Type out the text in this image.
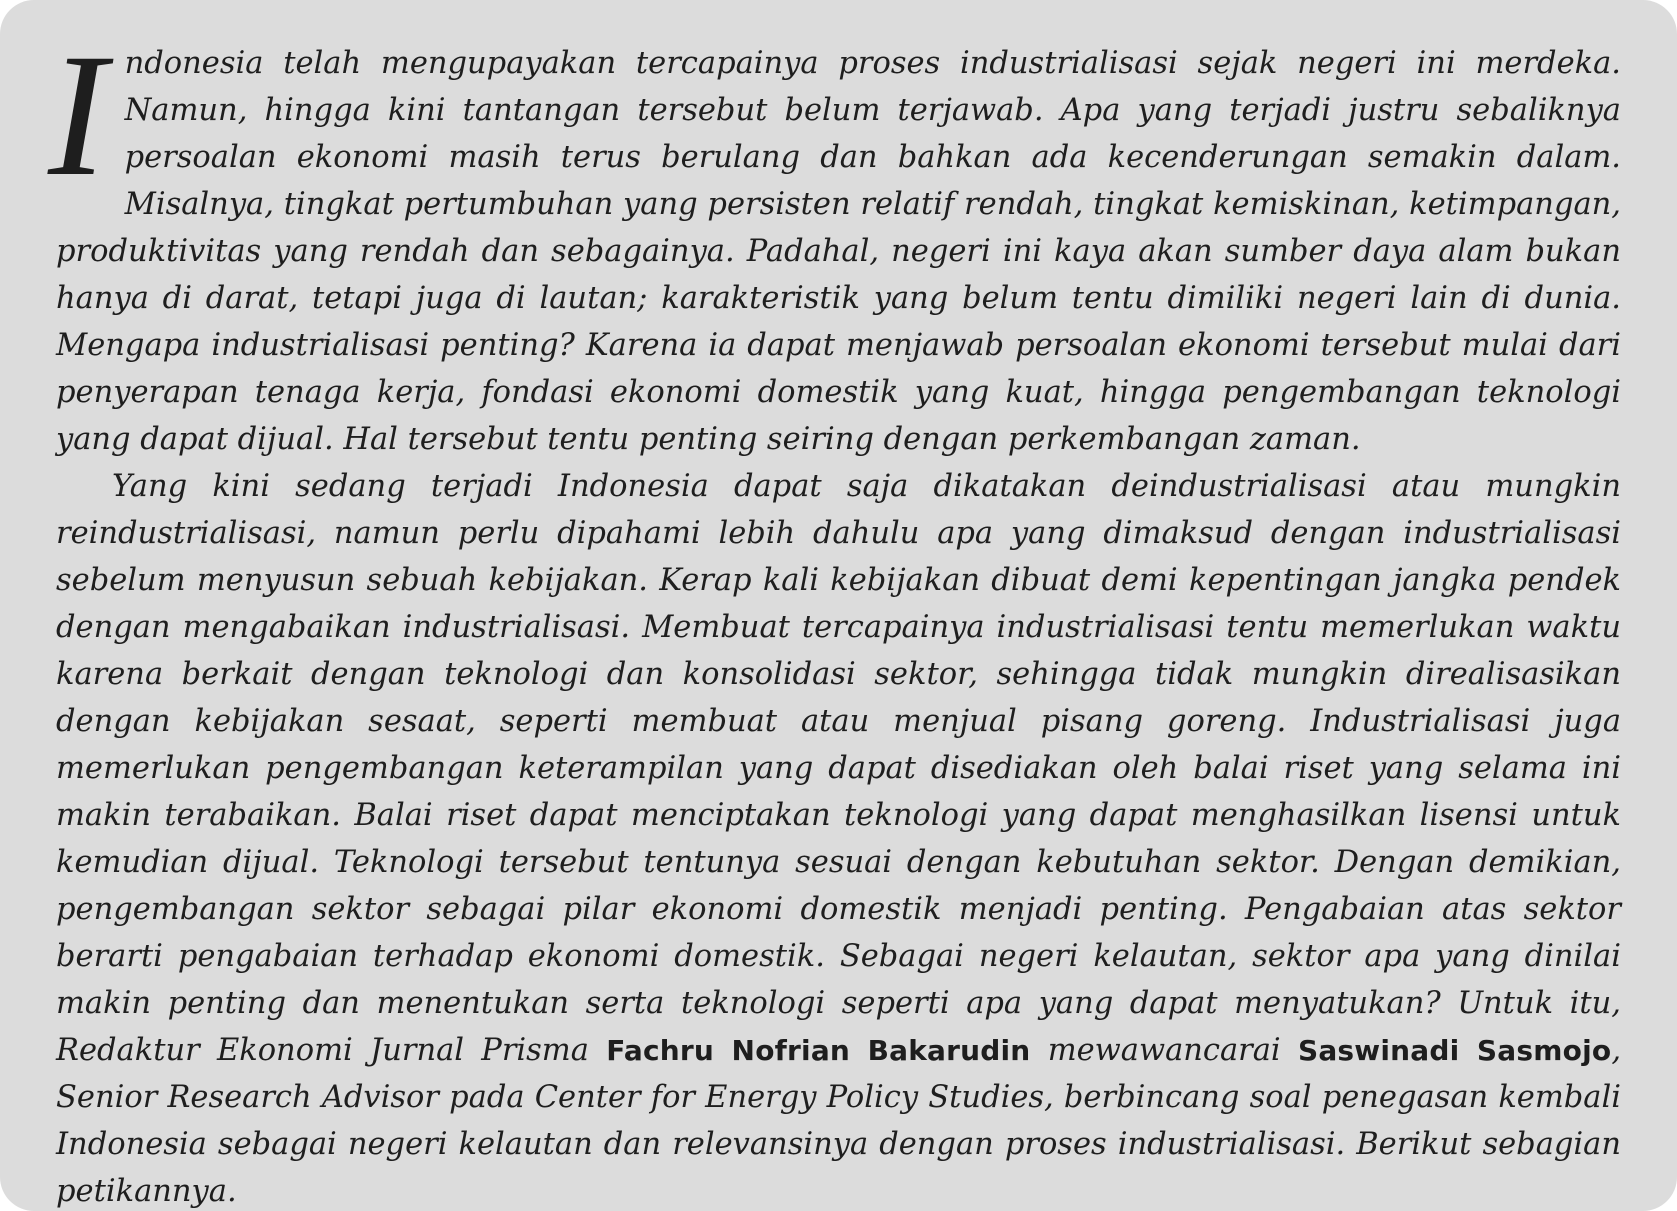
Indonesia telah mengupayakan tercapainya proses industrialisasi sejak negeri ini merdeka. Namun, hingga kini tantangan tersebut belum terjawab. Apa yang terjadi justru sebaliknya persoalan ekonomi masih terus berulang dan bahkan ada kecenderungan semakin dalam. Misalnya, tingkat pertumbuhan yang persisten relatif rendah, tingkat kemiskinan, ketimpangan, produktivitas yang rendah dan sebagainya. Padahal, negeri ini kaya akan sumber daya alam bukan hanya di darat, tetapi juga di lautan; karakteristik yang belum tentu dimiliki negeri lain di dunia. Mengapa industrialisasi penting? Karena ia dapat menjawab persoalan ekonomi tersebut mulai dari penyerapan tenaga kerja, fondasi ekonomi domestik yang kuat, hingga pengembangan teknologi yang dapat dijual. Hal tersebut tentu penting seiring dengan perkembangan zaman.

Yang kini sedang terjadi Indonesia dapat saja dikatakan deindustrialisasi atau mungkin reindustrialisasi, namun perlu dipahami lebih dahulu apa yang dimaksud dengan industrialisasi sebelum menyusun sebuah kebijakan. Kerap kali kebijakan dibuat demi kepentingan jangka pendek dengan mengabaikan industrialisasi. Membuat tercapainya industrialisasi tentu memerlukan waktu karena berkait dengan teknologi dan konsolidasi sektor, sehingga tidak mungkin direalisasikan dengan kebijakan sesaat, seperti membuat atau menjual pisang goreng. Industrialisasi juga memerlukan pengembangan keterampilan yang dapat disediakan oleh balai riset yang selama ini makin terabaikan. Balai riset dapat menciptakan teknologi yang dapat menghasilkan lisensi untuk kemudian dijual. Teknologi tersebut tentunya sesuai dengan kebutuhan sektor. Dengan demikian, pengembangan sektor sebagai pilar ekonomi domestik menjadi penting. Pengabaian atas sektor berarti pengabaian terhadap ekonomi domestik. Sebagai negeri kelautan, sektor apa yang dinilai makin penting dan menentukan serta teknologi seperti apa yang dapat menyatukan? Untuk itu, Redaktur Ekonomi Jurnal Prisma Fachru Nofrian Bakarudin mewawancarai Saswinadi Sasmojo, Senior Research Advisor pada Center for Energy Policy Studies, berbincang soal penegasan kembali Indonesia sebagai negeri kelautan dan relevansinya dengan proses industrialisasi. Berikut sebagian petikannya.
